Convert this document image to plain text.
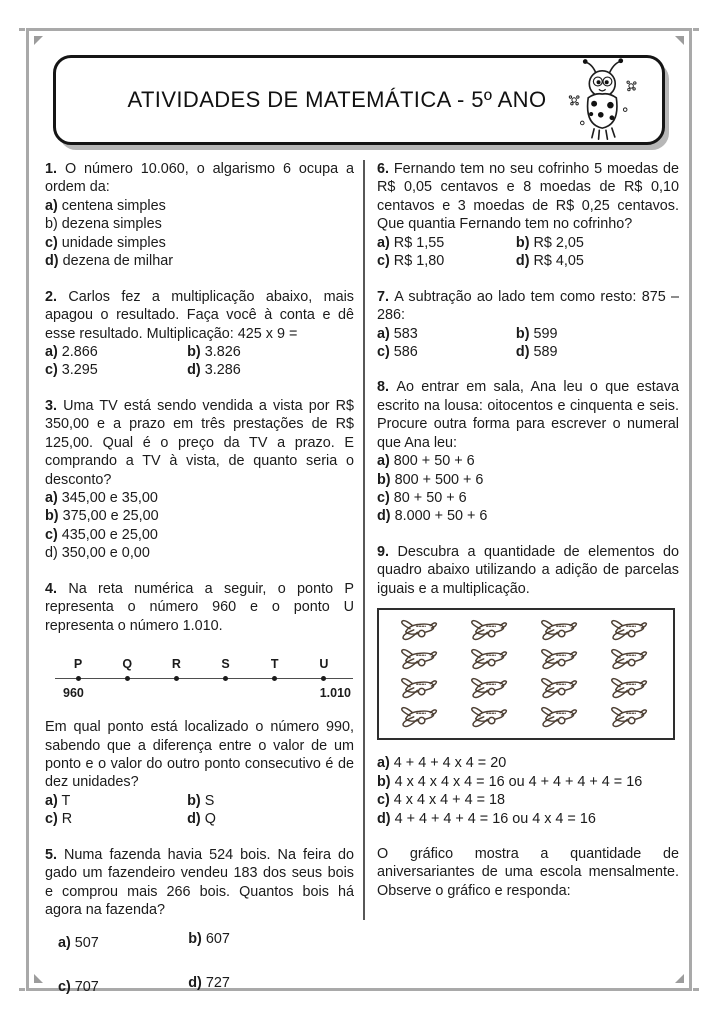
ATIVIDADES DE MATEMÁTICA - 5º ANO

1. O número 10.060, o algarismo 6 ocupa a ordem da:

a) centena simples
b) dezena simples
c) unidade simples
d) dezena de milhar

2. Carlos fez a multiplicação abaixo, mais apagou o resultado. Faça você à conta e dê esse resultado. Multiplicação: 425 x 9 =

a) 2.866	b) 3.826
c) 3.295	d) 3.286

3. Uma TV está sendo vendida a vista por R$ 350,00 e a prazo em três prestações de R$ 125,00. Qual é o preço da TV a prazo. E comprando a TV à vista, de quanto seria o desconto?

a) 345,00 e 35,00
b) 375,00 e 25,00
c) 435,00 e 25,00
d) 350,00 e 0,00

4. Na reta numérica a seguir, o ponto P representa o número 960 e o ponto U representa o número 1.010.

P	Q	R	S	T	U
960	1.010

Em qual ponto está localizado o número 990, sabendo que a diferença entre o valor de um ponto e o valor do outro ponto consecutivo é de dez unidades?

a) T	b) S
c) R	d) Q

5. Numa fazenda havia 524 bois. Na feira do gado um fazendeiro vendeu 183 dos seus bois e comprou mais 266 bois. Quantos bois há agora na fazenda?

a) 507	b) 607
c) 707	d) 727

6. Fernando tem no seu cofrinho 5 moedas de R$ 0,05 centavos e 8 moedas de R$ 0,10 centavos e 3 moedas de R$ 0,25 centavos. Que quantia Fernando tem no cofrinho?

a) R$ 1,55	b) R$ 2,05
c) R$ 1,80	d) R$ 4,05

7. A subtração ao lado tem como resto: 875 – 286:

a) 583	b) 599
c) 586	d) 589

8. Ao entrar em sala, Ana leu o que estava escrito na lousa: oitocentos e cinquenta e seis. Procure outra forma para escrever o numeral que Ana leu:

a) 800 + 50 + 6
b) 800 + 500 + 6
c) 80 + 50 + 6
d) 8.000 + 50 + 6

9. Descubra a quantidade de elementos do quadro abaixo utilizando a adição de parcelas iguais e a multiplicação.

a) 4 + 4 + 4 x 4 = 20
b) 4 x 4 x 4 x 4 = 16 ou 4 + 4 + 4 + 4 = 16
c) 4 x 4 x 4 + 4 = 18
d) 4 + 4 + 4 + 4 = 16 ou 4 x 4 = 16

O gráfico mostra a quantidade de aniversariantes de uma escola mensalmente. Observe o gráfico e responda:
